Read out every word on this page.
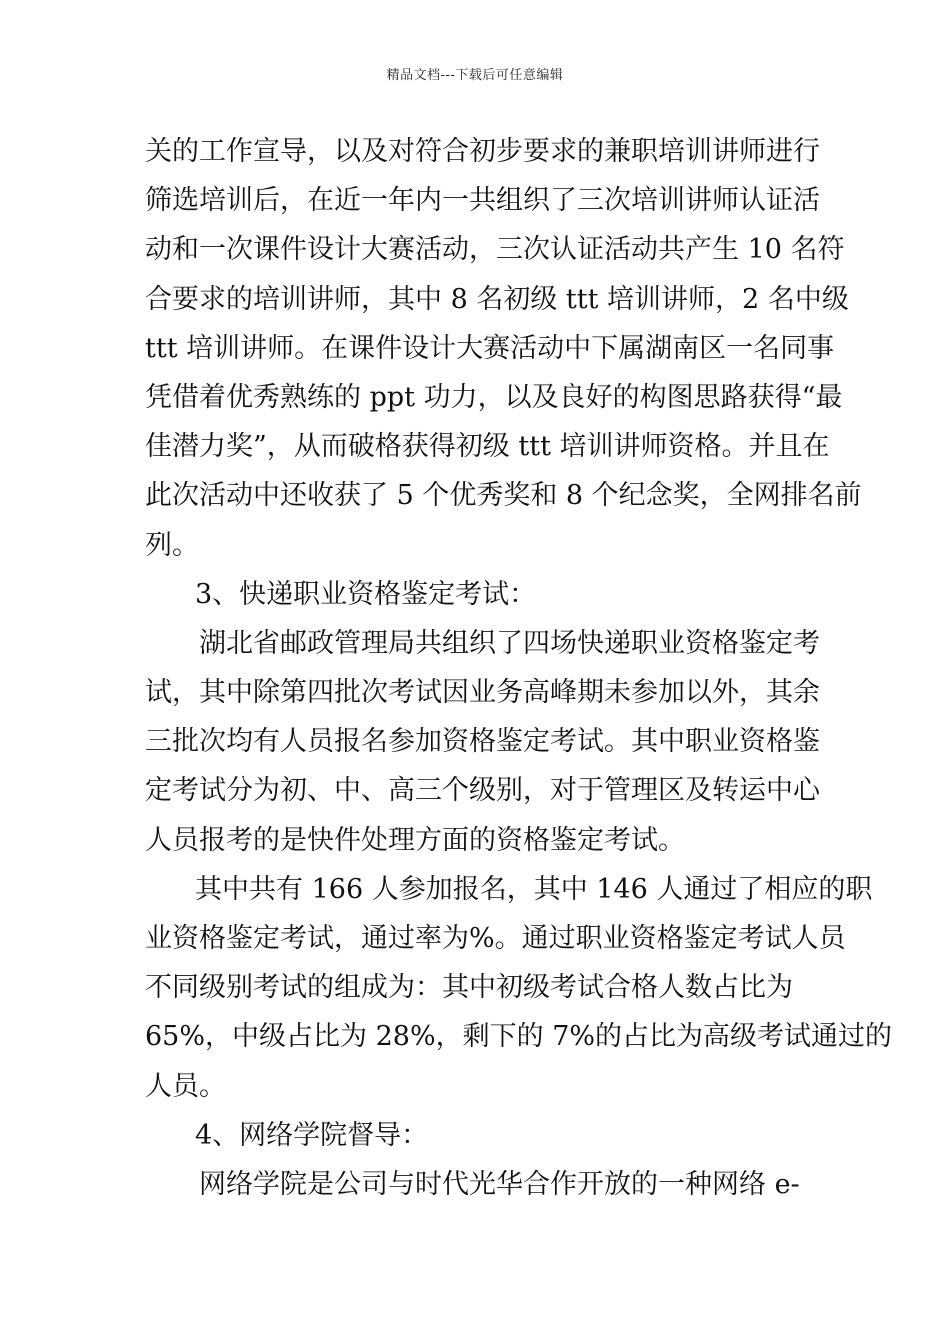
精品文档---下载后可任意编辑
关的工作宣导，以及对符合初步要求的兼职培训讲师进行
筛选培训后，在近一年内一共组织了三次培训讲师认证活
动和一次课件设计大赛活动，三次认证活动共产生 10 名符
合要求的培训讲师，其中 8 名初级 ttt 培训讲师，2 名中级
ttt 培训讲师。在课件设计大赛活动中下属湖南区一名同事
凭借着优秀熟练的 ppt 功力，以及良好的构图思路获得“最
佳潜力奖”，从而破格获得初级 ttt 培训讲师资格。并且在
此次活动中还收获了 5 个优秀奖和 8 个纪念奖，全网排名前
列。
3、快递职业资格鉴定考试：
湖北省邮政管理局共组织了四场快递职业资格鉴定考
试，其中除第四批次考试因业务高峰期未参加以外，其余
三批次均有人员报名参加资格鉴定考试。其中职业资格鉴
定考试分为初、中、高三个级别，对于管理区及转运中心
人员报考的是快件处理方面的资格鉴定考试。
其中共有 166 人参加报名，其中 146 人通过了相应的职
业资格鉴定考试，通过率为%。通过职业资格鉴定考试人员
不同级别考试的组成为：其中初级考试合格人数占比为
65%，中级占比为 28%，剩下的 7%的占比为高级考试通过的
人员。
4、网络学院督导：
网络学院是公司与时代光华合作开放的一种网络 e-
